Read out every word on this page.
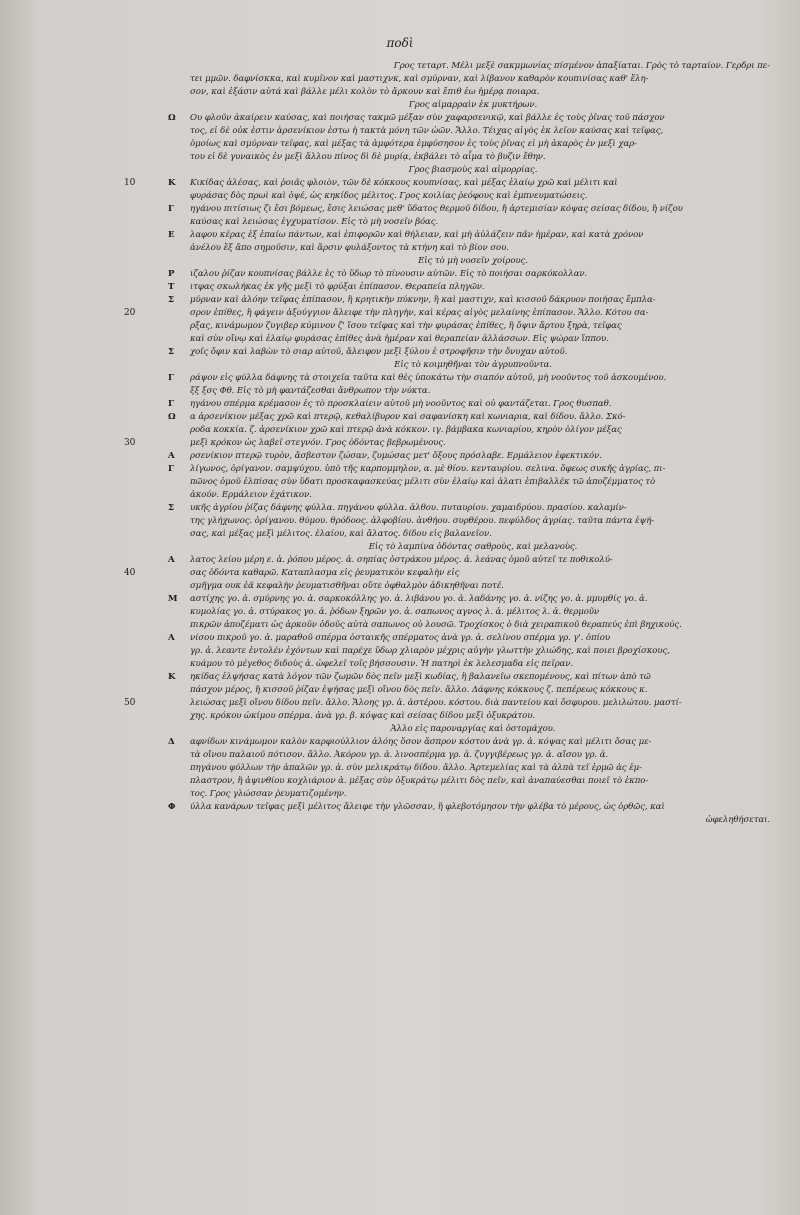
ποδὶ
Γρος τεταρτ. Μέλι μεξὲ σακμμωνίας πίσμένον ἀπαξίαται. Γρὸς τὸ ταρταίον. Γερδρι πε-
τει μμῶν. δαφνίσκκα, καὶ κυμῖνον καὶ μαστιχνκ, καὶ σμύρναν, καὶ λίβανον καθαρὸν κουπινίσας καθ' ἕλη-
σον, καὶ ἐξάσιν αὐτά καὶ βάλλε μέλι κολὸν τὸ ἄρκουν καὶ ἔπιθ ἐω ἡμέρᾳ ποιαρα.
Γρος αἱμαρραὶν ἐκ μυκτήρων.
Ω Ου φλοῦν ἀκαίρειν καύσας, καὶ ποιήσας τακμῶ μέξαν σὺν χαφαρσενικῷ, καὶ βάλλε ἐς τοὺς ῥῖνας τοῦ πάσχον
τος, εἰ δὲ οὐκ ἐστιν ἀρσενίκιον ἐστω ἡ τακτὰ μόνη τῶν ὠῶν. Ἄλλο. Τέιχας αἰγὸς ἐκ λεῖον καύσας καὶ τεῖφας,
ὁμοίως καὶ σμύρναν τεῖφας, καὶ μέξας τὰ ἀμφότερα ἐμφύσησον ἐς τοὺς ῥῖνας εἰ μὴ ἀκαρὸς ἐν μεξὶ χαρ-
του εἰ δὲ γυναικὸς ἐν μεξὶ ἄλλου πίνος δὶ δὲ μυρίᾳ, ἐκβάλει τὸ αἷμα τὸ βυζιν ἔθην.
Γρος βιασμοὺς καὶ αἱμορρίας.
10	Κ Κικίδας ἀλέσας, καὶ ῥοιᾶς φλοιὸν, τῶν δὲ κόκκους κουπνίσας, καὶ μέξας ἐλαίῳ χρῶ καὶ μέλιτι καὶ
φυράσας δὸς πρωὶ καὶ ὀψέ, ὡς κηκίδος μέλιτος. Γρος κοιλίας ῥεόφους καὶ ἐμπνευματώσεις.
Γ ηγάνου πιτίσιως ζι ἔσι βόμεως, ἔσις λειώσας μεθ' ὕδατος θερμοῦ δίδου, ἤ ἀρτεμισίαν κόψας σείσας δίδου, ἢ νίζου
καύσας καὶ λειώσας ἐγχυματίσον. Εἰς τὸ μὴ νοσεῖν βόας.
Ε λαφου κέρας ἐξ ἐπαίω πάντων, καὶ ἐπιφορῶν καὶ θήλειαν, καὶ μὴ ἀὐλάζειν πᾶν ἡμέραν, καὶ κατὰ χρόνον
ἀνέλου ἔξ ἄπο σημοῦσιν, καὶ ἄρσιν φυλάξοντος τὰ κτήνη καὶ τὸ βίον σου.
Εἰς τὸ μὴ νοσεῖν χοίρους.
Ρ ιζαλου ῥίζαν κουπνίσας βάλλε ἐς τὸ ὕδωρ τὸ πίνουσιν αὐτῶν. Εἰς τὸ ποιήσαι σαρκόκολλαν.
Τ ιτφας σκωλήκας ἐκ γῆς μεξὶ τὸ φρύξαι ἐπίπασον. Θεραπεία πληγῶν.
Σ μύρναν καὶ ἀλόην τεῖφας ἐπίπασον, ἢ κρητικὴν πύκνην, ἢ καὶ μαστιχν, καὶ κισσοῦ δάκρυον ποιήσας ἔμπλα-
20	σρον ἐπίθες, ἢ φάγειν ἀξούγγιον ἄλειφε τὴν πληγὴν, καὶ κέρας αἰγὸς μελαίνης ἐπίπασον. Ἄλλο. Κότου σα-
ρξας, κινάμωμον ζυγιβερ κύμινον ζ' ἴσου τεῖφας καὶ τὴν φυράσας ἐπίθες, ἢ ὄψιν ἄρτου ξηρὰ, τεῖφας
καὶ σὺν οἴνῳ καὶ ἐλαίῳ φυράσας ἐπίθες ἀνὰ ἡμέραν καὶ θεραπείαν ἀλλάσσων. Εἰς ψώραν ἵππου.
Σ χοῖς ὄφιν καὶ λαβὼν τὸ σιαρ αὐτοῦ, ἄλειφον μεξὶ ξύλου ἐ στροφῆσιν τὴν ὄνυχαν αὐτοῦ.
Εἰς τὸ κοιμηθῆναι τὸν ἀγρυπνοῦντα.
Γ ράψον εἰς φύλλα δάφνης τὰ στοιχεῖα ταῦτα καὶ θὲς ὑποκάτω τὴν σιαπόν αὐτοῦ, μὴ νοοῦντος τοῦ ἀσκουμένου.
ξξ ξσς Φθ. Εἰς τὸ μὴ φαντάζεσθαι ἄνθρωπον τὴν νύκτα.
Γ ηγάνου σπέρμα κρέμασον ἐς τὸ προσκλαίειν αὐτοῦ μὴ νοοῦντος καὶ οὐ φαντάζεται. Γρος θυσπαθ.
Ω α ἀρσενίκιον μέξας χρῶ καὶ πτερῷ, κεθαλίβυρον καὶ σαφανίσκη καὶ κωνιαρια, καὶ δίδου. ἄλλο. Σκό-
ροδα κοκκία. ζ. ἀρσενίκιον χρῶ καὶ πτερῷ ἀνὰ κόκκον. ιγ. βάμβακα κωνιαρίου, κηρὸν ὀλίγον μέξας
30	μεξὶ κρόκον ὡς λαβεῖ στεγνόν. Γρος ὀδόντας βεβρωμένους.
Α ρσενίκιον πτερῷ τυρὸν, ἄσβεστον ζώσαν, ζυμώσας μετ' ὄξους πρόσλαβε. Ερμάλειον ἐφεκτικόν.
Γ λίγωνος, ὀρίγανον. σαμψύχου. ὑπὸ τῆς καρπομμηλον, α. μὲ θίου. κενταυρίου. σελινα. ὄφεως συκῆς ἀγρίας, πι-
πῶνος ὁμοῦ ἐλπίσας σὺν ὕδατι προσκαφασκεύας μέλιτι σὺν ἐλαίῳ καὶ ἀλατι ἐπιβαλλέκ τῶ ἀποζέμματος τὸ
ἀκούν. Ερμάλειον ἐχάτικον.
Σ υκῆς ἀγρίου ῥίζας δάφνης φύλλα. πηγάνου φύλλα. ἀλθου. πυταυρίου. χαμαιδρύου. πρασίου. καλαμίν-
της γλήχωνος. ὀρίγανου. θύμου. θρόδοος. ἀλφοβίου. ἀνθήου. συρθέρου. πεφύλδος ἀγρίας. ταῦτα πάντα ἐψή-
σας, καὶ μέξας μεξὶ μέλιτος. ἐλαίου, καὶ ἄλατος. δίδου εἰς βαλανεῖον.
Εἰς τὸ λαμπίνα ὀδόντας σαθροὺς, καὶ μελανοὺς.
Α λατος λείου μέρη ε. ἀ. ῥόπου μέρος. ἀ. σηπίας ὀστράκου μέρος. ἀ. λεάνας ὁμοῦ αὐτεῖ τε ποθικολύ-
40	σας ὀδόντα καθαρῶ. Καταπλασμα εἰς ῥευματικὸν κεφαλὴν εἰς
σμῆγμα ουκ ἐᾶ κεφαλὴν ῥευματισθῆναι οὔτε ὀφθαλμὸν ἀδικηθῆναι ποτέ.
Μ αστίχης γο. ἀ. σμύρνης γο. ἀ. σαρκοκόλλης γο. ἀ. λιβάνου γο. ἀ. λαδάνης γο. ἀ. νίζης γο. ἀ. μμυμθίς γο. ἀ.
κυμολίας γο. ἀ. στύρακος γο. ἀ. ῥόδων ξηρῶν γο. ἀ. σαπωνος αγνος λ. ἀ. μέλιτος λ. ἀ. θερμοῦν
πικρῶν ἀποζέματι ὡς ἀρκοῦν ὀδοῦς αὐτὰ σαπωνος οὐ λουσῶ. Τροχίσκος ὁ διὰ χειραπικοῦ θεραπεύς ἐπὶ βηχικούς.
Α νίσου πικροῦ γο. ἀ. μαραθοῦ σπέρμα ὀσταικῆς σπέρματος ἀνὰ γρ. ἀ. σελίνου σπέρμα γρ. γ'. ὀπίου
γρ. ἀ. λεαντε ἐντολέν ἐχόντων καὶ παρέχε ὕδωρ χλιαρὸν μέχρις αὐγὴν γλωττὴν χλιώδης, καὶ ποιει βροχίσκους,
κυάμου τὸ μέγεθος διδοὺς ἀ. ὠφελεῖ τοῖς βήσσουσιν. Ἡ πατηρὶ ἐκ λελεσμαδα εἰς πεῖραν.
Κ ηκίδας ἐλψήσας κατὰ λόγον τῶν ζωμῶν δὸς πεῖν μεξὶ κωδίας, ἢ βαλανεῖω σκεπομένους, καὶ πίτων ἀπὸ τῶ
πάσχον μέρος, ἢ κισσοῦ ῥίζαν ἐψήσας μεξὶ οἴνου δὸς πεῖν. ἄλλο. Δάφνης κόκκους ζ. πεπέρεως κόκκους κ.
50	λειώσας μεξὶ οἴνου δίδου πεῖν. ἄλλο. Ἄλοης γρ. ἀ. ἀστέρου. κόστου. διὰ παντείου καὶ ὄσφυρου. μελιλώτου. μαστί-
χης. κρόκου ὠκίμου σπέρμα. ἀνὰ γρ. β. κόψας καὶ σείσας δίδου μεξὶ ὀξυκράτου.
Ἀλλο εἰς παροναργίας καὶ ὀστομάχου.
Δ αφνίδων κινάμωμον καλὸν καρφιούλλιον ἀλόης ὅσον ἄσπρον κόστου ἀνὰ γρ. ἀ. κόψας καὶ μέλιτι ὄσας με-
τὰ οἴνου παλαιοῦ πότισον. ἄλλο. Ἀκόρου γρ. ἀ. λινοσπέρμα γρ. ἀ. ζυγγιβέρεως γρ. ἀ. αἴσου γρ. ἀ.
πηγάνου φύλλων τὴν ἁπαλῶν γρ. ἀ. σὺν μελικράτῳ δίδου. ἄλλο. Ἀρτεμελίας καὶ τὰ ἀλπὰ τεῖ ἐρμῶ ἀς ἐμ-
πλαστρον, ἢ ἀψινθίου κοχλιάριον ἀ. μέξας σὺν ὀξυκράτῳ μέλιτι δὸς πεῖν, καὶ ἀναπαύεσθαι ποιεῖ τὸ ἐκπο-
τος. Γρος γλώσσαν ῥευματιζομένην.
Φ ύλλα κανάρων τεῖφας μεξὶ μέλιτος ἄλειφε τὴν γλῶσσαν, ἢ φλεβοτόμησον τὴν φλέβα τὸ μέρους, ὡς ὀρθῶς, καὶ
ὠφεληθήσεται.
